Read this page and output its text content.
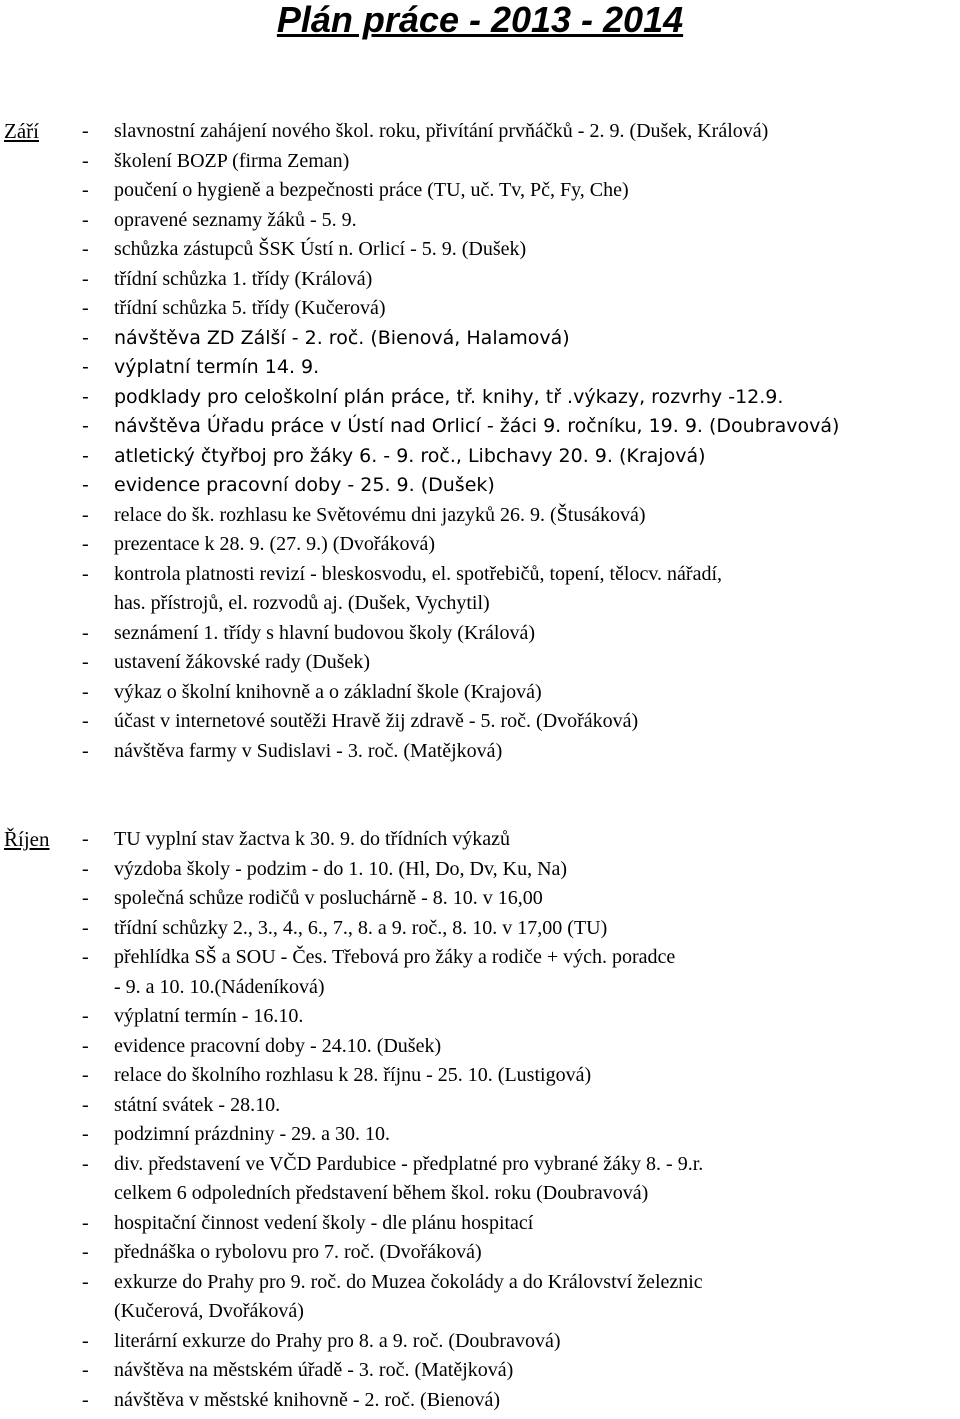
Plán práce - 2013 - 2014
Září - slavnostní zahájení nového škol. roku, přivítání prvňáčků - 2. 9. (Dušek, Králová)
- školení BOZP (firma Zeman)
- poučení o hygieně a bezpečnosti práce (TU, uč. Tv, Pč, Fy, Che)
- opravené seznamy žáků - 5. 9.
- schůzka zástupců ŠSK Ústí n. Orlicí - 5. 9. (Dušek)
- třídní schůzka 1. třídy (Králová)
- třídní schůzka 5. třídy (Kučerová)
- návštěva ZD Zálší - 2. roč. (Bienová, Halamová)
- výplatní termín 14. 9.
- podklady pro celoškolní plán práce, tř. knihy, tř .výkazy, rozvrhy -12.9.
- návštěva Úřadu práce v Ústí nad Orlicí - žáci 9. ročníku, 19. 9. (Doubravová)
- atletický čtyřboj pro žáky 6. - 9. roč., Libchavy 20. 9. (Krajová)
- evidence pracovní doby - 25. 9. (Dušek)
- relace do šk. rozhlasu ke Světovému dni jazyků 26. 9. (Štusáková)
- prezentace k 28. 9. (27. 9.) (Dvořáková)
- kontrola platnosti revizí - bleskosvodu, el. spotřebičů, topení, tělocv. nářadí,
has. přístrojů, el. rozvodů aj. (Dušek, Vychytil)
- seznámení 1. třídy s hlavní budovou školy (Králová)
- ustavení žákovské rady (Dušek)
- výkaz o školní knihovně a o základní škole (Krajová)
- účast v internetové soutěži Hravě žij zdravě - 5. roč. (Dvořáková)
- návštěva farmy v Sudislavi - 3. roč. (Matějková)
Říjen - TU vyplní stav žactva k 30. 9. do třídních výkazů
- výzdoba školy - podzim - do 1. 10. (Hl, Do, Dv, Ku, Na)
- společná schůze rodičů v posluchárně - 8. 10. v 16,00
- třídní schůzky 2., 3., 4., 6., 7., 8. a 9. roč., 8. 10. v 17,00 (TU)
- přehlídka SŠ a SOU - Čes. Třebová pro žáky a rodiče + vých. poradce
- 9. a 10. 10.(Nádeníková)
- výplatní termín - 16.10.
- evidence pracovní doby - 24.10. (Dušek)
- relace do školního rozhlasu k 28. říjnu - 25. 10. (Lustigová)
- státní svátek - 28.10.
- podzimní prázdniny - 29. a 30. 10.
- div. představení ve VČD Pardubice - předplatné pro vybrané žáky 8. - 9.r.
celkem 6 odpoledních představení během škol. roku (Doubravová)
- hospitační činnost vedení školy - dle plánu hospitací
- přednáška o rybolovu pro 7. roč. (Dvořáková)
- exkurze do Prahy pro 9. roč. do Muzea čokolády a do Království železnic
(Kučerová, Dvořáková)
- literární exkurze do Prahy pro 8. a 9. roč. (Doubravová)
- návštěva na městském úřadě - 3. roč. (Matějková)
- návštěva v městské knihovně - 2. roč. (Bienová)
